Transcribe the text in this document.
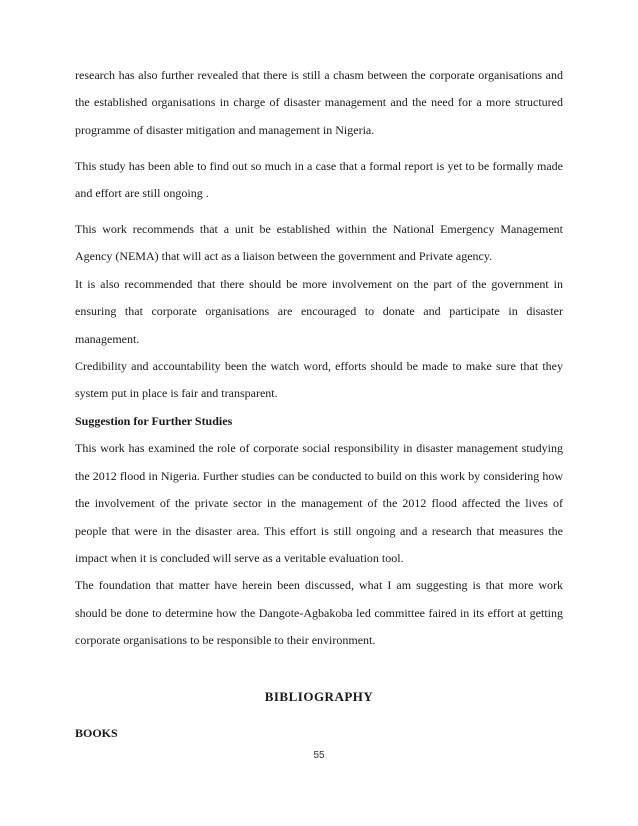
research has also further revealed that there is still a chasm between the corporate organisations and the established organisations in charge of disaster management and the need for a more structured programme of disaster mitigation and management in Nigeria.

This study has been able to find out so much in a case that a formal report is yet to be formally made and effort are still ongoing .

This work recommends that a unit be established within the National Emergency Management Agency (NEMA) that will act as a liaison between the government and Private agency.

It is also recommended that there should be more involvement on the part of the government in ensuring that corporate organisations are encouraged to donate and participate in disaster management.

Credibility and accountability been the watch word, efforts should be made to make sure that they system put in place is fair and transparent.

Suggestion for Further Studies

This work has examined the role of corporate social responsibility in disaster management studying the 2012 flood in Nigeria. Further studies can be conducted to build on this work by considering how the involvement of the private sector in the management of the 2012 flood affected the lives of people that were in the disaster area. This effort is still ongoing and a research that measures the impact when it is concluded will serve as a veritable evaluation tool.

The foundation that matter have herein been discussed, what I am suggesting is that more work should be done to determine how the Dangote-Agbakoba led committee faired in its effort at getting corporate organisations to be responsible to their environment.

BIBLIOGRAPHY

BOOKS

55
